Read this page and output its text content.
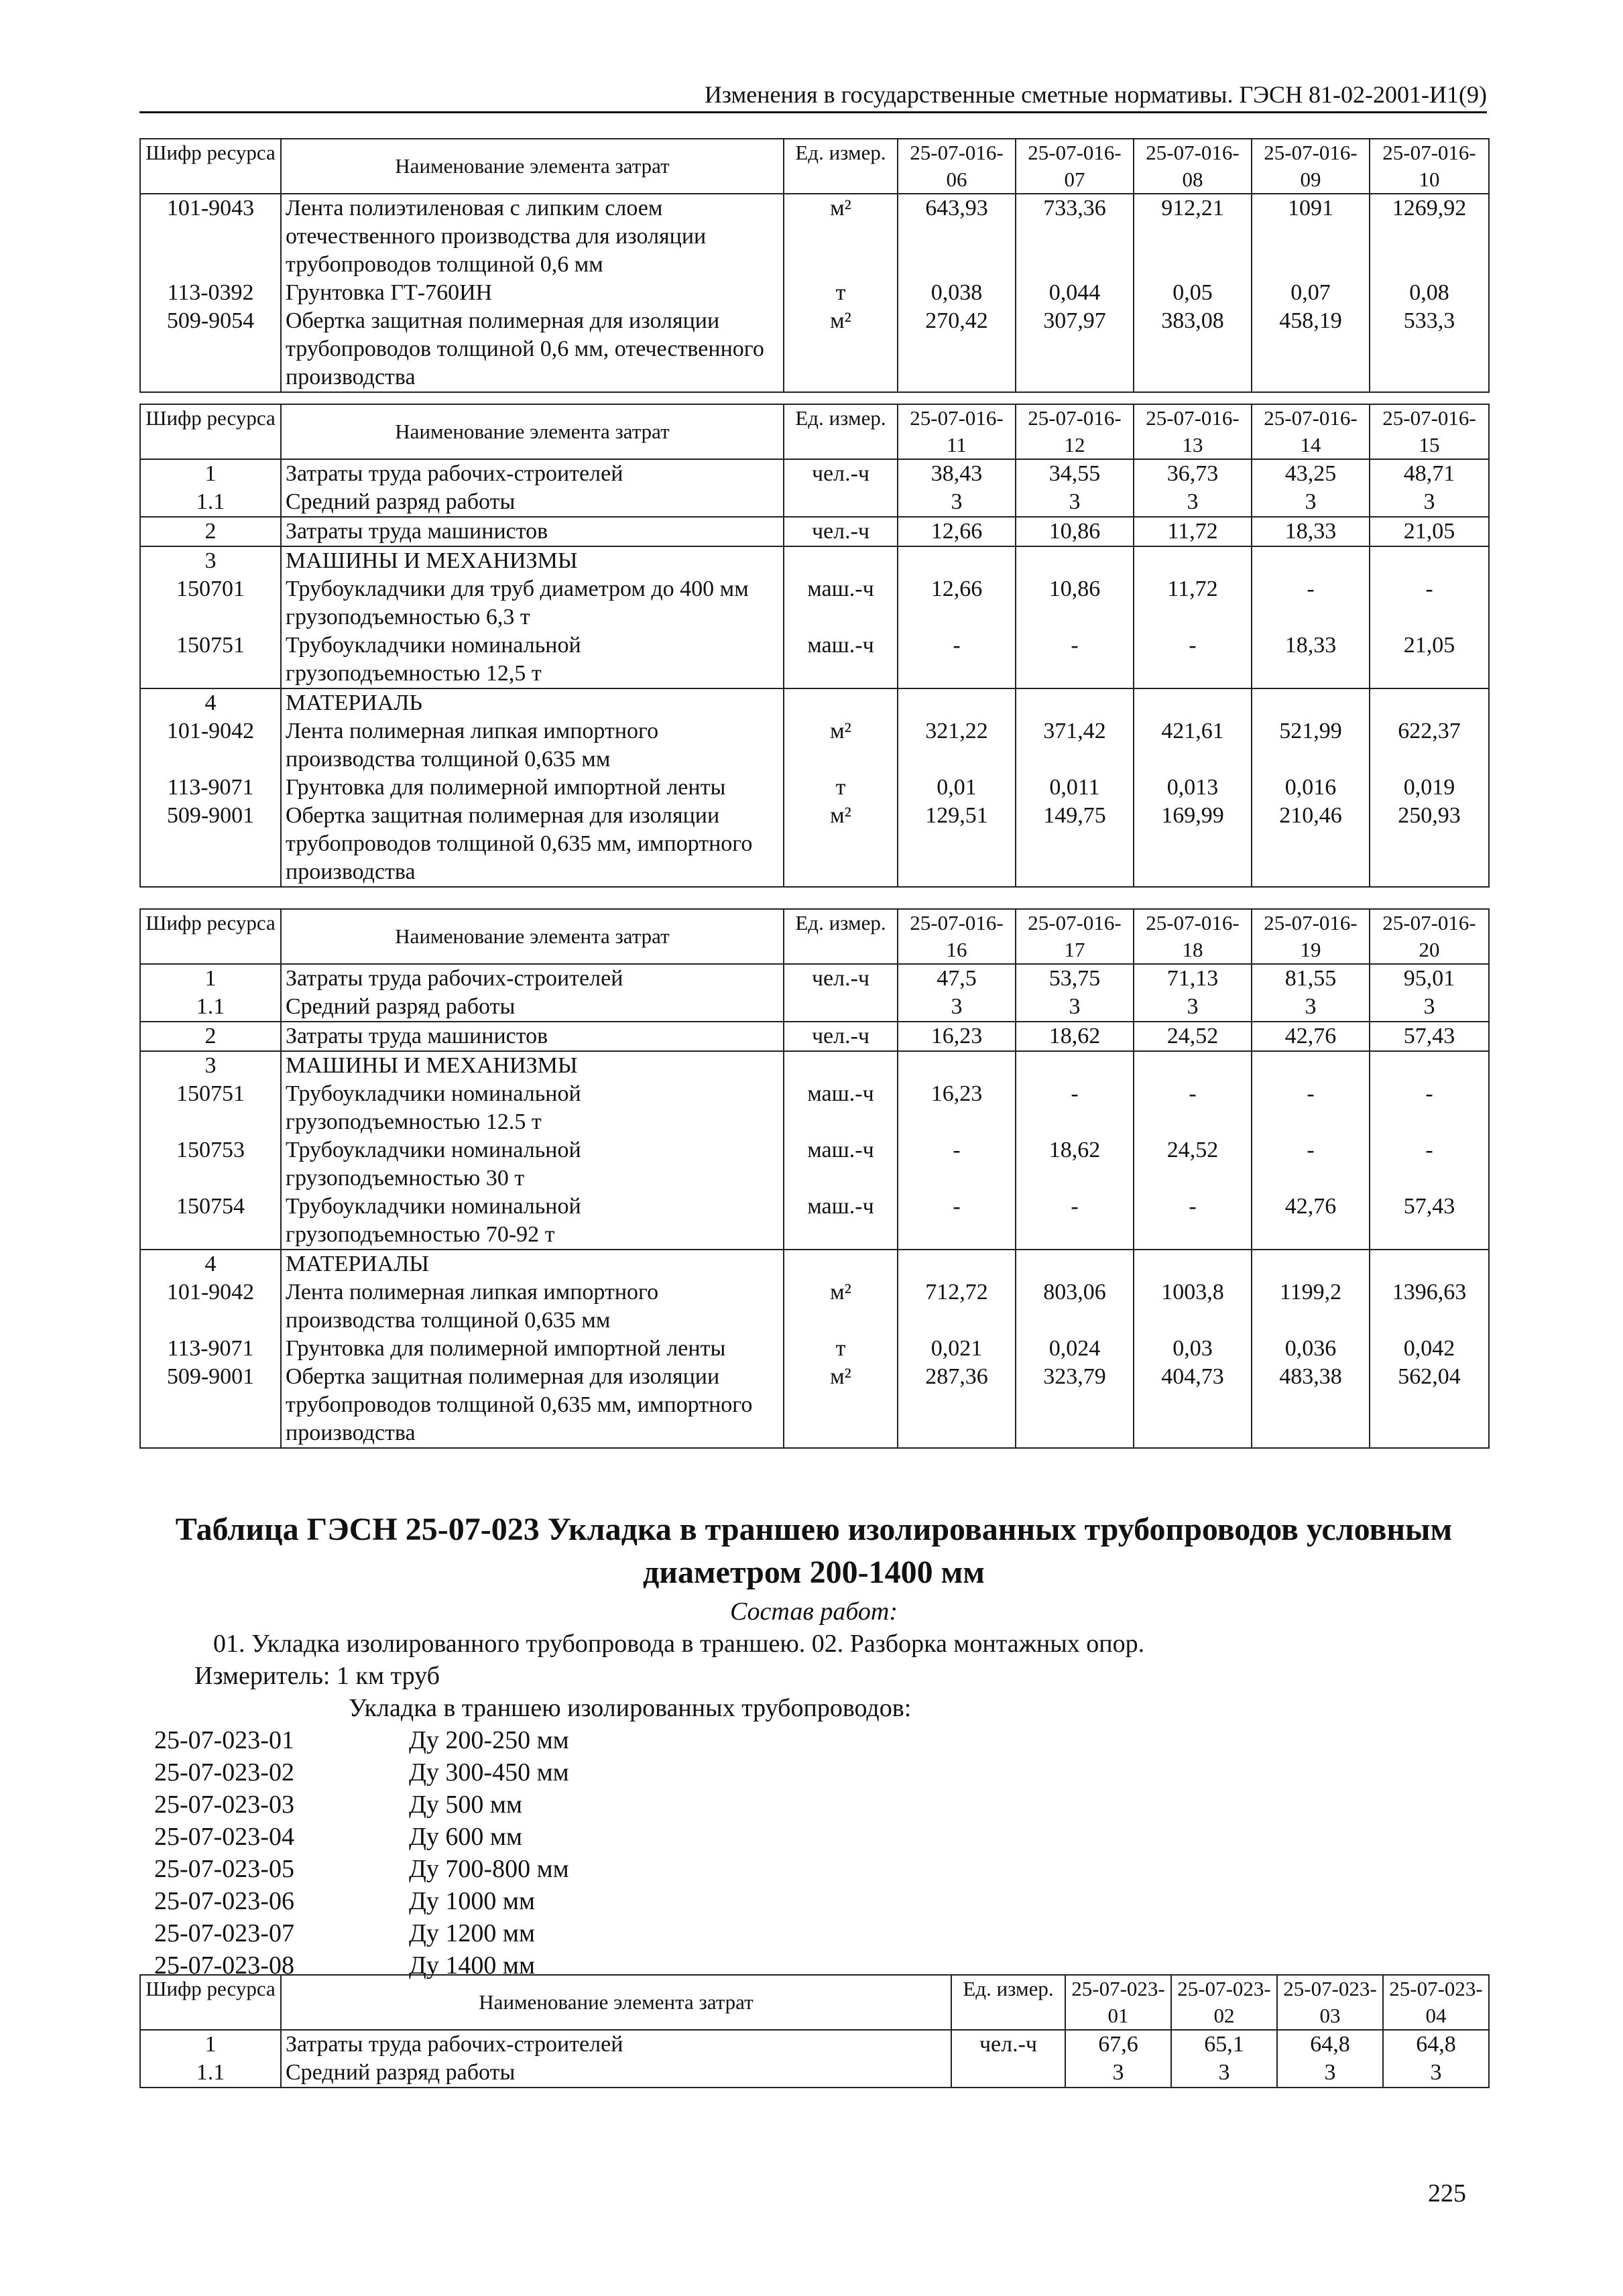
Изменения в государственные сметные нормативы. ГЭСН 81-02-2001-И1(9)
Шифр ресурса	Наименование элемента затрат	Ед. измер.	25-07-016-06	25-07-016-07	25-07-016-08	25-07-016-09	25-07-016-10
101-9043	Лента полиэтиленовая с липким слоем отечественного производства для изоляции трубопроводов толщиной 0,6 мм	м²	643,93	733,36	912,21	1091	1269,92
113-0392	Грунтовка ГТ-760ИН	т	0,038	0,044	0,05	0,07	0,08
509-9054	Обертка защитная полимерная для изоляции трубопроводов толщиной 0,6 мм, отечественного производства	м²	270,42	307,97	383,08	458,19	533,3
Шифр ресурса	Наименование элемента затрат	Ед. измер.	25-07-016-11	25-07-016-12	25-07-016-13	25-07-016-14	25-07-016-15
1	Затраты труда рабочих-строителей	чел.-ч	38,43	34,55	36,73	43,25	48,71
1.1	Средний разряд работы		3	3	3	3	3
2	Затраты труда машинистов	чел.-ч	12,66	10,86	11,72	18,33	21,05
3	МАШИНЫ И МЕХАНИЗМЫ						
150701	Трубоукладчики для труб диаметром до 400 мм грузоподъемностью 6,3 т	маш.-ч	12,66	10,86	11,72	-	-
150751	Трубоукладчики номинальной грузоподъемностью 12,5 т	маш.-ч	-	-	-	18,33	21,05
4	МАТЕРИАЛЬ						
101-9042	Лента полимерная липкая импортного производства толщиной 0,635 мм	м²	321,22	371,42	421,61	521,99	622,37
113-9071	Грунтовка для полимерной импортной ленты	т	0,01	0,011	0,013	0,016	0,019
509-9001	Обертка защитная полимерная для изоляции трубопроводов толщиной 0,635 мм, импортного производства	м²	129,51	149,75	169,99	210,46	250,93
Шифр ресурса	Наименование элемента затрат	Ед. измер.	25-07-016-16	25-07-016-17	25-07-016-18	25-07-016-19	25-07-016-20
1	Затраты труда рабочих-строителей	чел.-ч	47,5	53,75	71,13	81,55	95,01
1.1	Средний разряд работы		3	3	3	3	3
2	Затраты труда машинистов	чел.-ч	16,23	18,62	24,52	42,76	57,43
3	МАШИНЫ И МЕХАНИЗМЫ						
150751	Трубоукладчики номинальной грузоподъемностью 12.5 т	маш.-ч	16,23	-	-	-	-
150753	Трубоукладчики номинальной грузоподъемностью 30 т	маш.-ч	-	18,62	24,52	-	-
150754	Трубоукладчики номинальной грузоподъемностью 70-92 т	маш.-ч	-	-	-	42,76	57,43
4	МАТЕРИАЛЫ						
101-9042	Лента полимерная липкая импортного производства толщиной 0,635 мм	м²	712,72	803,06	1003,8	1199,2	1396,63
113-9071	Грунтовка для полимерной импортной ленты	т	0,021	0,024	0,03	0,036	0,042
509-9001	Обертка защитная полимерная для изоляции трубопроводов толщиной 0,635 мм, импортного производства	м²	287,36	323,79	404,73	483,38	562,04
Таблица ГЭСН 25-07-023 Укладка в траншею изолированных трубопроводов условным диаметром 200-1400 мм
Состав работ:
01. Укладка изолированного трубопровода в траншею. 02. Разборка монтажных опор.
Измеритель: 1 км труб
Укладка в траншею изолированных трубопроводов:
25-07-023-01	Ду 200-250 мм
25-07-023-02	Ду 300-450 мм
25-07-023-03	Ду 500 мм
25-07-023-04	Ду 600 мм
25-07-023-05	Ду 700-800 мм
25-07-023-06	Ду 1000 мм
25-07-023-07	Ду 1200 мм
25-07-023-08	Ду 1400 мм
Шифр ресурса	Наименование элемента затрат	Ед. измер.	25-07-023-01	25-07-023-02	25-07-023-03	25-07-023-04
1	Затраты труда рабочих-строителей	чел.-ч	67,6	65,1	64,8	64,8
1.1	Средний разряд работы		3	3	3	3
225
